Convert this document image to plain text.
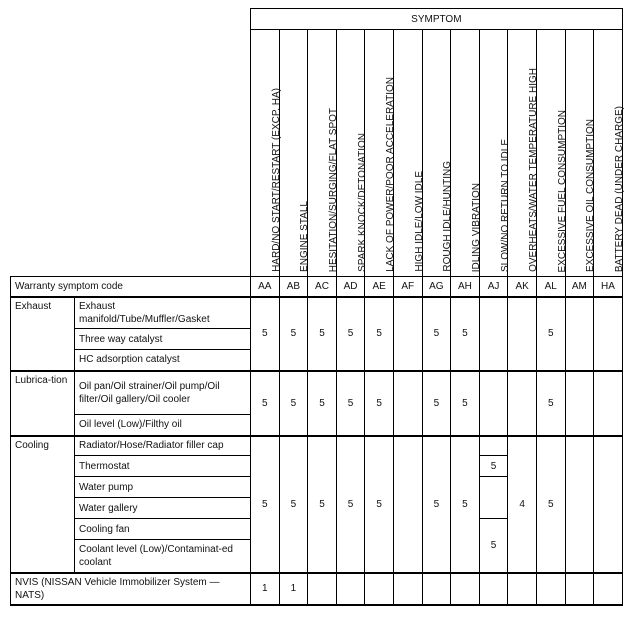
		SYMPTOM												

		HARD/NO START/RESTART (EXCP. HA)	ENGINE STALL	HESITATION/SURGING/FLAT SPOT	SPARK KNOCK/DETONATION	LACK OF POWER/POOR ACCELERATION	HIGH IDLE/LOW IDLE	ROUGH IDLE/HUNTING	IDLING VIBRATION	SLOW/NO RETURN TO IDLE	OVERHEATS/WATER TEMPERATURE HIGH	EXCESSIVE FUEL CONSUMPTION	EXCESSIVE OIL CONSUMPTION	BATTERY DEAD (UNDER CHARGE)

Warranty symptom code		AA	AB	AC	AD	AE	AF	AG	AH	AJ	AK	AL	AM	HA
Exhaust	Exhaust manifold/Tube/Muffler/Gasket	5	5	5	5	5		5	5			5		
	Three way catalyst													
	HC adsorption catalyst													
Lubrica-tion	Oil pan/Oil strainer/Oil pump/Oil filter/Oil gallery/Oil cooler	5	5	5	5	5		5	5			5		
	Oil level (Low)/Filthy oil													
Cooling	Radiator/Hose/Radiator filler cap	5	5	5	5	5		5	5		4	5		
	Thermostat									5				
	Water pump													
	Water gallery													
	Cooling fan									5				
	Coolant level (Low)/Contaminat-ed coolant													
NVIS (NISSAN Vehicle Immobilizer System — NATS)		1	1											
